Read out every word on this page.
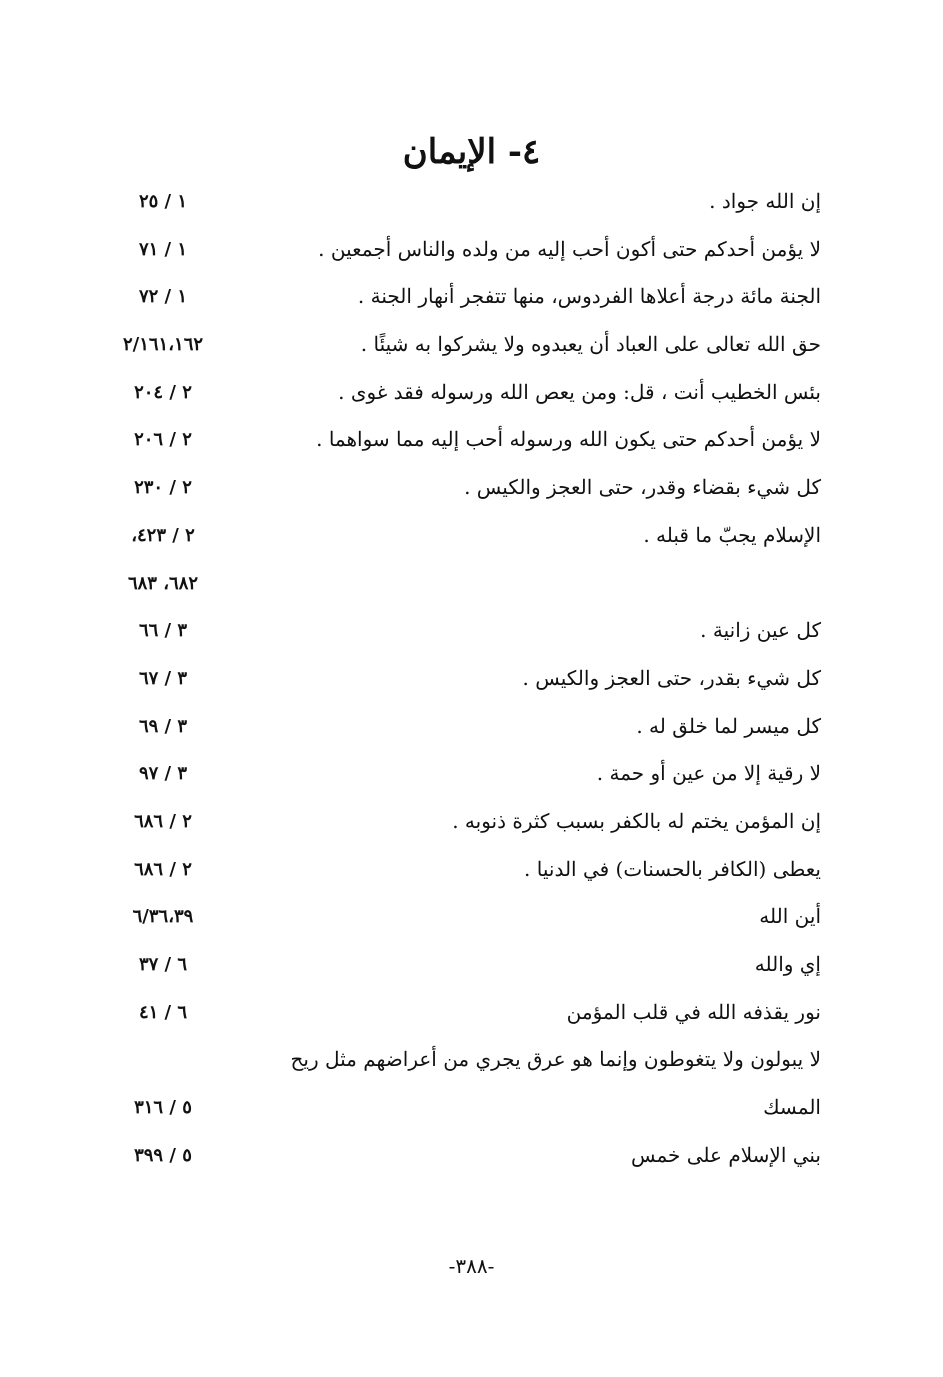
٤- الإيمان
إن الله جواد .
١ / ٢٥
لا يؤمن أحدكم حتى أكون أحب إليه من ولده والناس أجمعين .
١ / ٧١
الجنة مائة درجة أعلاها الفردوس، منها تتفجر أنهار الجنة .
١ / ٧٢
حق الله تعالى على العباد أن يعبدوه ولا يشركوا به شيئًا .
٢/١٦١،١٦٢
بئس الخطيب أنت ، قل: ومن يعص الله ورسوله فقد غوى .
٢ / ٢٠٤
لا يؤمن أحدكم حتى يكون الله ورسوله أحب إليه مما سواهما .
٢ / ٢٠٦
كل شيء بقضاء وقدر، حتى العجز والكيس .
٢ / ٢٣٠
الإسلام يجبّ ما قبله .
٢ / ٤٢٣،
٦٨٢، ٦٨٣
كل عين زانية .
٣ / ٦٦
كل شيء بقدر، حتى العجز والكيس .
٣ / ٦٧
كل ميسر لما خلق له .
٣ / ٦٩
لا رقية إلا من عين أو حمة .
٣ / ٩٧
إن المؤمن يختم له بالكفر بسبب كثرة ذنوبه .
٢ / ٦٨٦
يعطى (الكافر بالحسنات) في الدنيا .
٢ / ٦٨٦
أين الله
٦/٣٦،٣٩
إي والله
٦ / ٣٧
نور يقذفه الله في قلب المؤمن
٦ / ٤١
لا يبولون ولا يتغوطون وإنما هو عرق يجري من أعراضهم مثل ريح
المسك
٥ / ٣١٦
بني الإسلام على خمس
٥ / ٣٩٩

-٣٨٨-
